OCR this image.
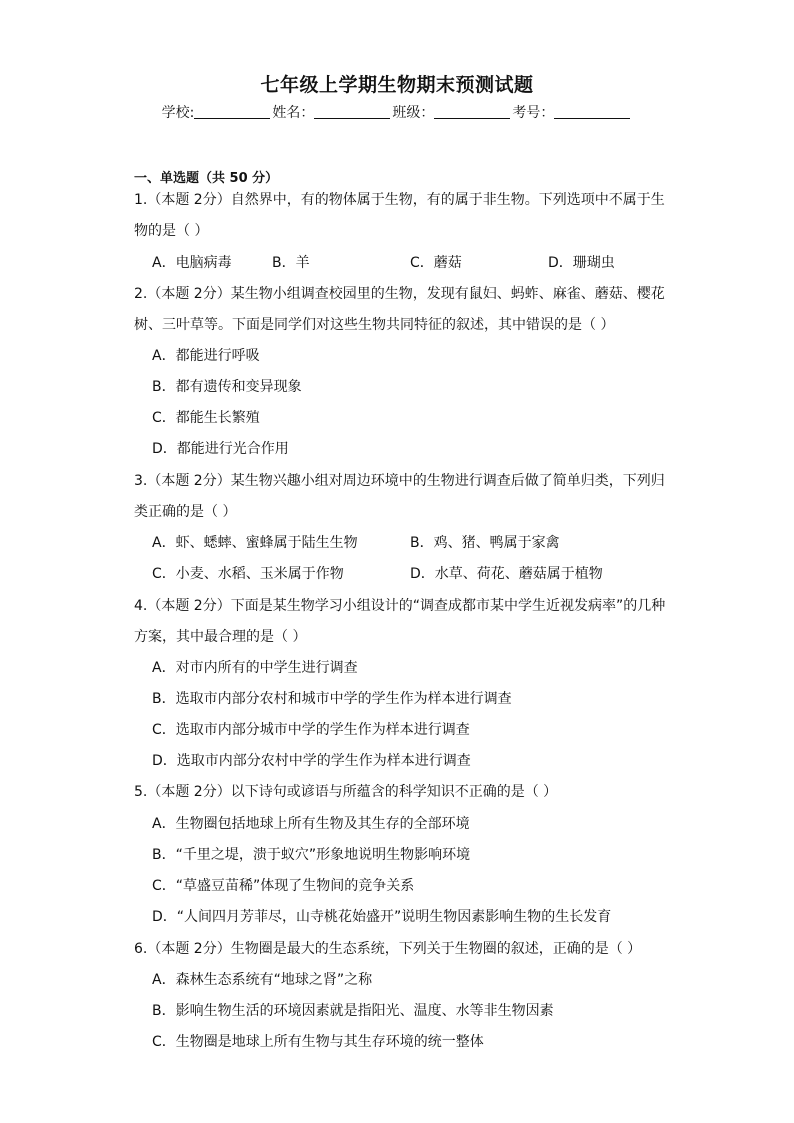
七年级上学期生物期末预测试题
学校:	姓名：	班级：	考号：
一、单选题（共 50 分）
1.（本题 2分）自然界中，有的物体属于生物，有的属于非生物。下列选项中不属于生
物的是（ ）
A．电脑病毒	B．羊	C．蘑菇	D．珊瑚虫
2.（本题 2分）某生物小组调查校园里的生物，发现有鼠妇、蚂蚱、麻雀、蘑菇、樱花
树、三叶草等。下面是同学们对这些生物共同特征的叙述，其中错误的是（ ）
A．都能进行呼吸
B．都有遗传和变异现象
C．都能生长繁殖
D．都能进行光合作用
3.（本题 2分）某生物兴趣小组对周边环境中的生物进行调查后做了简单归类，下列归
类正确的是（ ）
A．虾、蟋蟀、蜜蜂属于陆生生物	B．鸡、猪、鸭属于家禽
C．小麦、水稻、玉米属于作物	D．水草、荷花、蘑菇属于植物
4.（本题 2分）下面是某生物学习小组设计的“调查成都市某中学生近视发病率”的几种
方案，其中最合理的是（ ）
A．对市内所有的中学生进行调查
B．选取市内部分农村和城市中学的学生作为样本进行调查
C．选取市内部分城市中学的学生作为样本进行调查
D．选取市内部分农村中学的学生作为样本进行调查
5.（本题 2分）以下诗句或谚语与所蕴含的科学知识不正确的是（ ）
A．生物圈包括地球上所有生物及其生存的全部环境
B．“千里之堤，溃于蚁穴”形象地说明生物影响环境
C．“草盛豆苗稀”体现了生物间的竞争关系
D．“人间四月芳菲尽，山寺桃花始盛开”说明生物因素影响生物的生长发育
6.（本题 2分）生物圈是最大的生态系统，下列关于生物圈的叙述，正确的是（ ）
A．森林生态系统有“地球之肾”之称
B．影响生物生活的环境因素就是指阳光、温度、水等非生物因素
C．生物圈是地球上所有生物与其生存环境的统一整体
